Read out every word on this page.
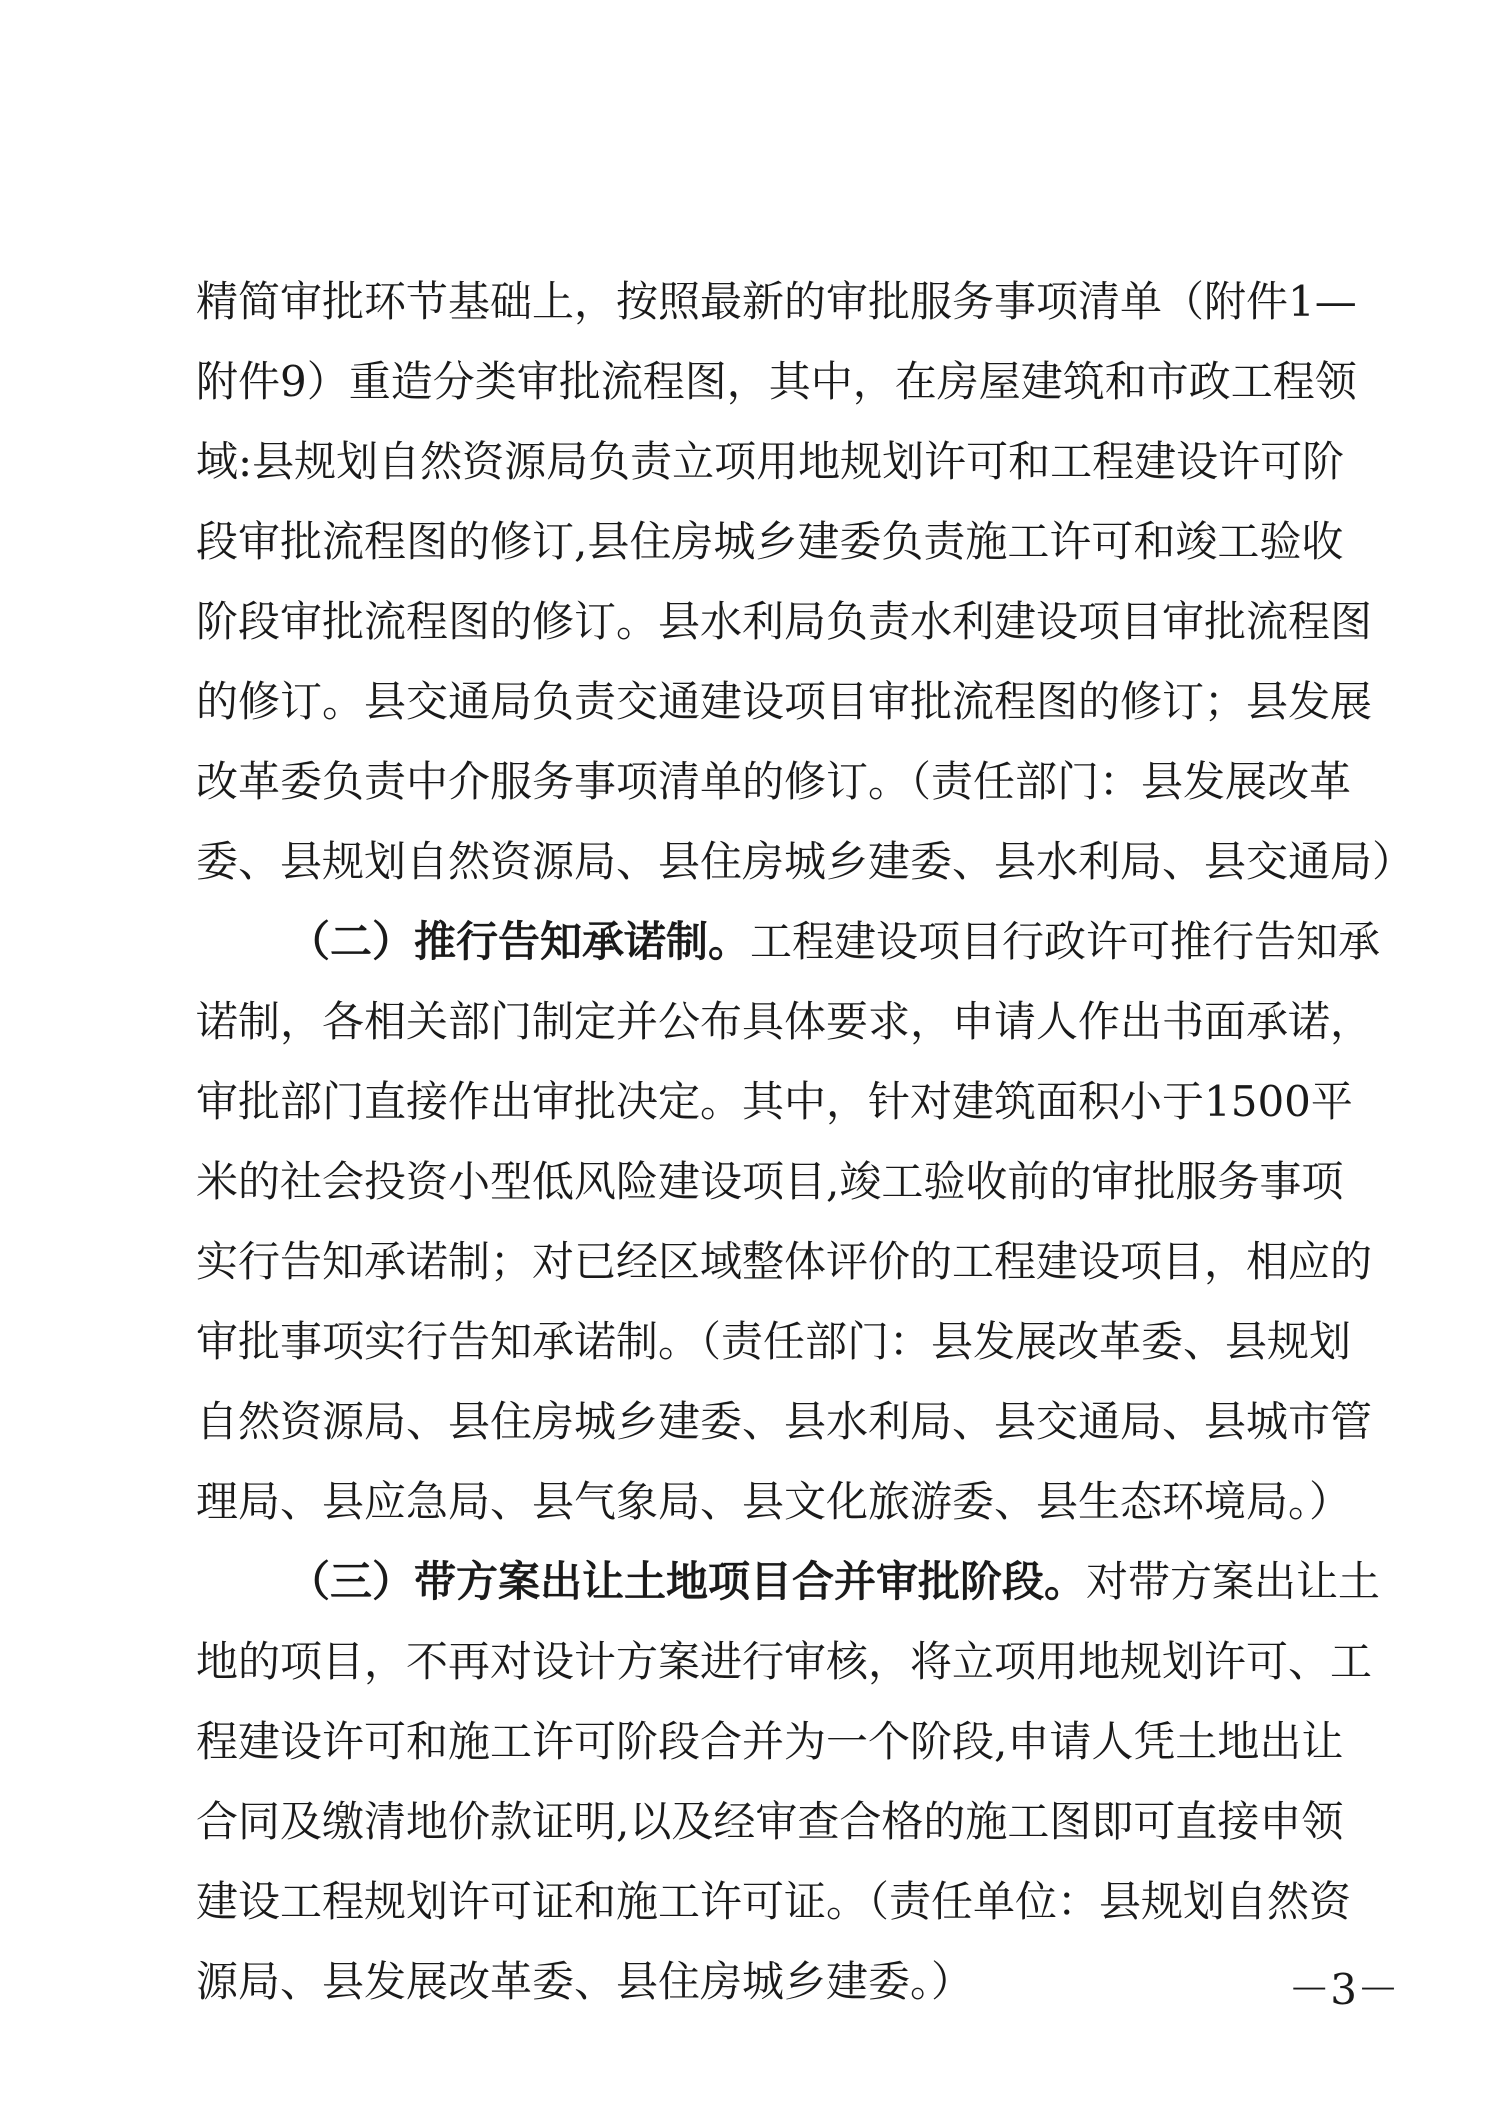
精简审批环节基础上，按照最新的审批服务事项清单（附件1—
附件9）重造分类审批流程图，其中，在房屋建筑和市政工程领
域:县规划自然资源局负责立项用地规划许可和工程建设许可阶
段审批流程图的修订,县住房城乡建委负责施工许可和竣工验收
阶段审批流程图的修订。县水利局负责水利建设项目审批流程图
的修订。县交通局负责交通建设项目审批流程图的修订；县发展
改革委负责中介服务事项清单的修订。（责任部门：县发展改革
委、县规划自然资源局、县住房城乡建委、县水利局、县交通局）
（二）推行告知承诺制。工程建设项目行政许可推行告知承
诺制，各相关部门制定并公布具体要求，申请人作出书面承诺，
审批部门直接作出审批决定。其中，针对建筑面积小于1500平
米的社会投资小型低风险建设项目,竣工验收前的审批服务事项
实行告知承诺制；对已经区域整体评价的工程建设项目，相应的
审批事项实行告知承诺制。（责任部门：县发展改革委、县规划
自然资源局、县住房城乡建委、县水利局、县交通局、县城市管
理局、县应急局、县气象局、县文化旅游委、县生态环境局。）
（三）带方案出让土地项目合并审批阶段。对带方案出让土
地的项目，不再对设计方案进行审核，将立项用地规划许可、工
程建设许可和施工许可阶段合并为一个阶段,申请人凭土地出让
合同及缴清地价款证明,以及经审查合格的施工图即可直接申领
建设工程规划许可证和施工许可证。（责任单位：县规划自然资
源局、县发展改革委、县住房城乡建委。）	－3－
